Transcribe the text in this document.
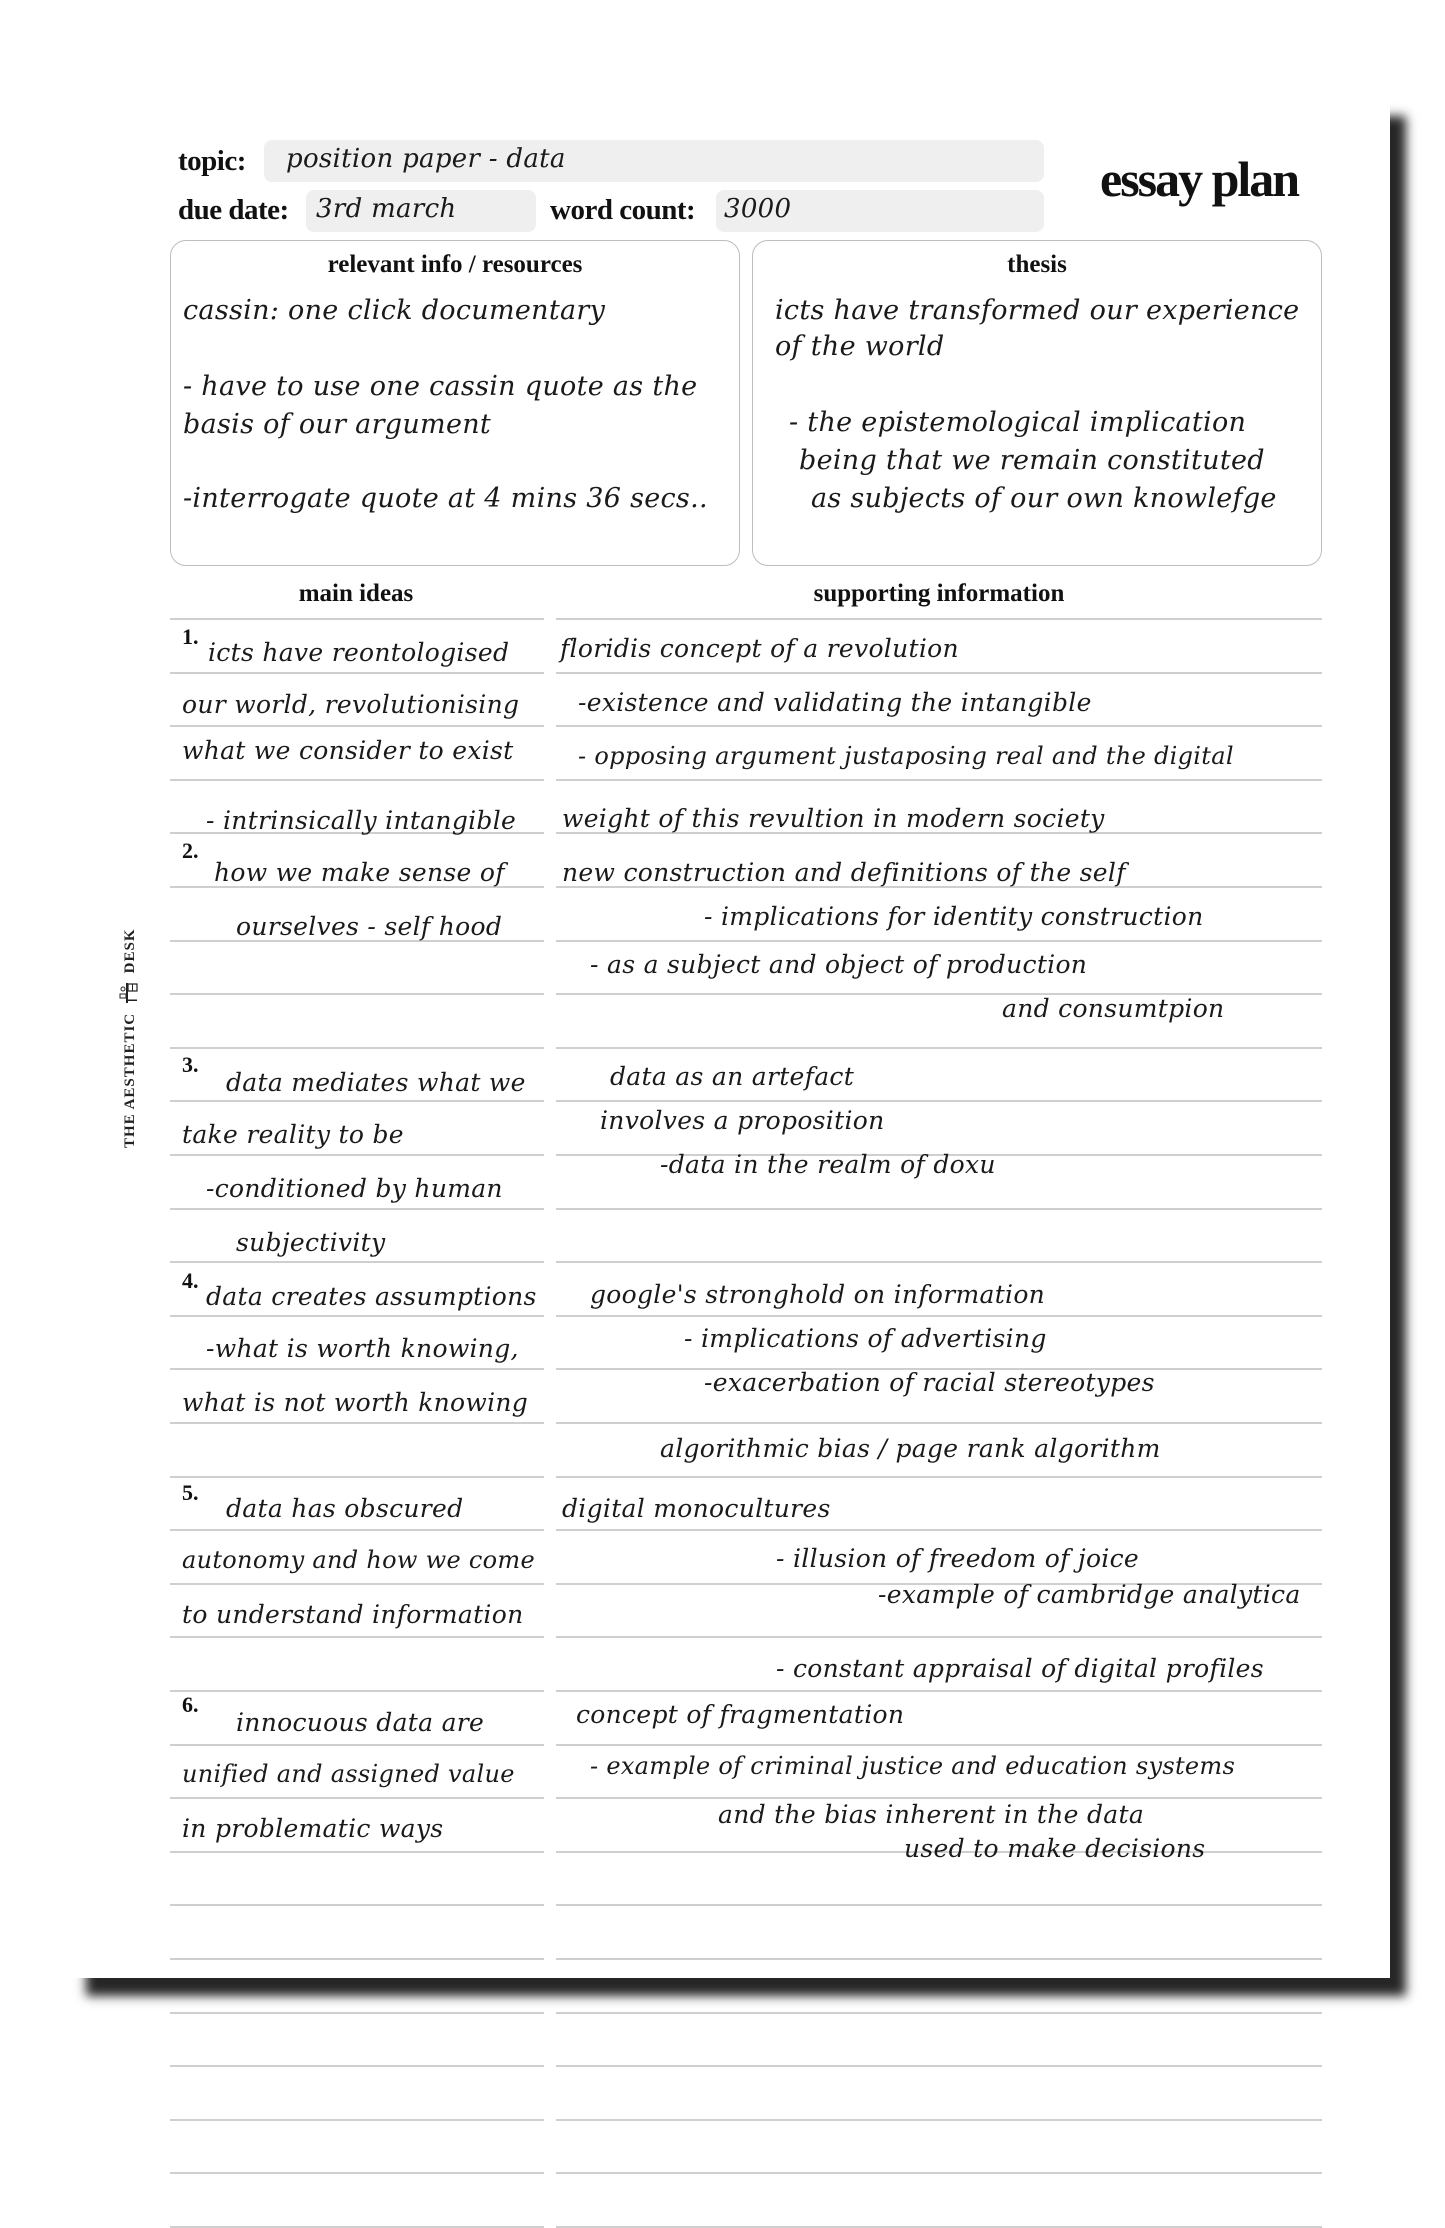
topic: position paper - data
due date: 3rd march	word count: 3000
essay plan
relevant info / resources
cassin: one click documentary
- have to use one cassin quote as the
basis of our argument
-interrogate quote at 4 mins 36 secs..
thesis
icts have transformed our experience
of the world
- the epistemological implication
being that we remain constituted
as subjects of our own knowlefge
main ideas	supporting information
1.
2.
3.
4.
5.
6.
icts have reontologised
our world, revolutionising
what we consider to exist
- intrinsically intangible
how we make sense of
ourselves - self hood
data mediates what we
take reality to be
-conditioned by human
subjectivity
data creates assumptions
-what is worth knowing,
what is not worth knowing
data has obscured
autonomy and how we come
to understand information
innocuous data are
unified and assigned value
in problematic ways
floridis concept of a revolution
-existence and validating the intangible
- opposing argument justaposing real and the digital
weight of this revultion in modern society
new construction and definitions of the self
- implications for identity construction
- as a subject and object of production
and consumtpion
data as an artefact
involves a proposition
-data in the realm of doxu
google's stronghold on information
- implications of advertising
-exacerbation of racial stereotypes
algorithmic bias / page rank algorithm
digital monocultures
- illusion of freedom of joice
-example of cambridge analytica
- constant appraisal of digital profiles
concept of fragmentation
- example of criminal justice and education systems
and the bias inherent in the data
used to make decisions
THE AESTHETIC  DESK
